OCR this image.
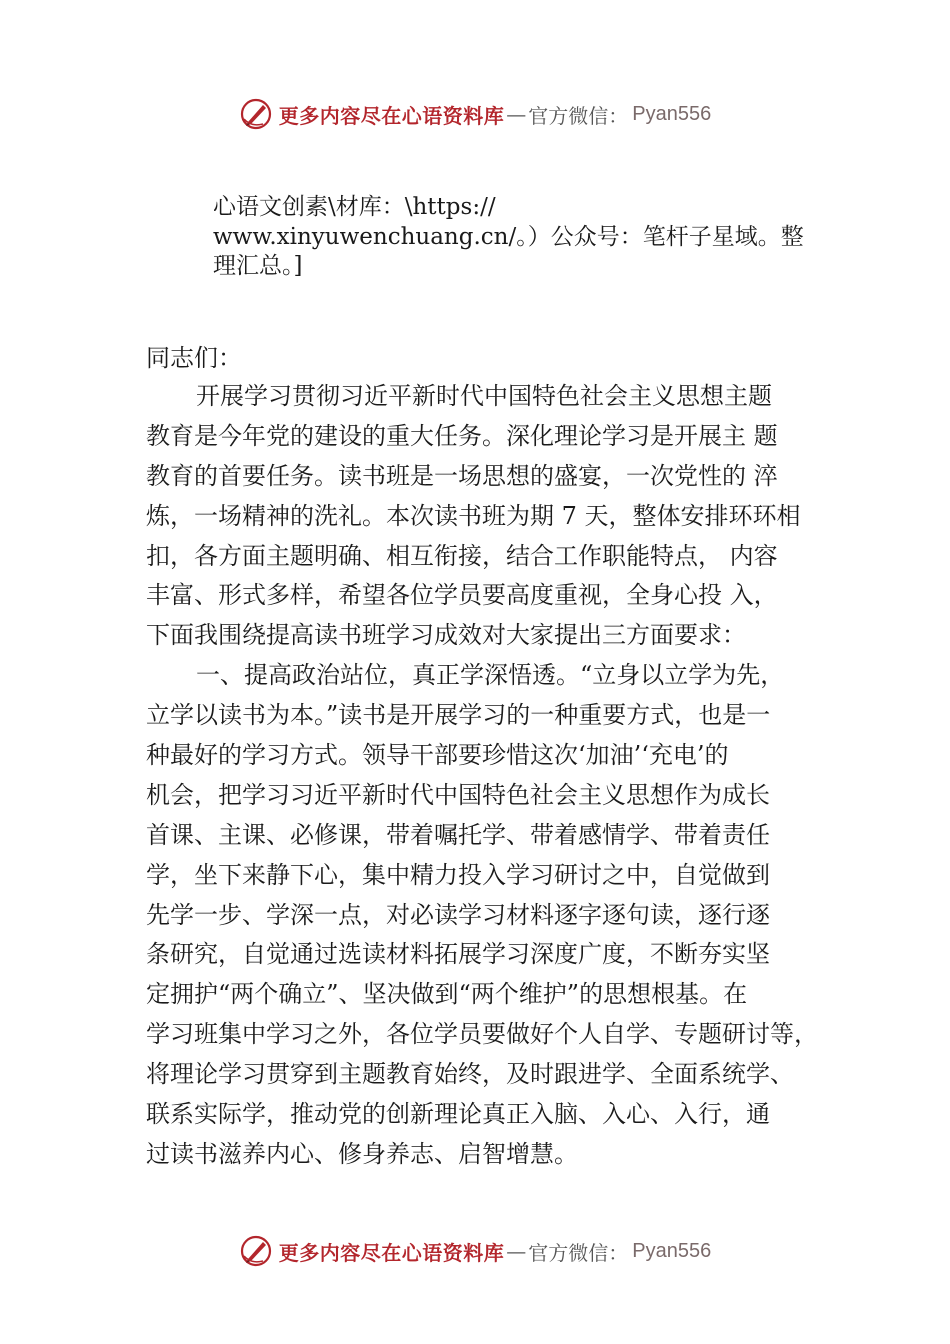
更多内容尽在心语资料库 — 官方微信： Pyan556
心语文创素\材库：\https://
www.xinyuwenchuang.cn/。）公众号：笔杆子星域。整
理汇总。]
同志们：
开展学习贯彻习近平新时代中国特色社会主义思想主题
教育是今年党的建设的重大任务。深化理论学习是开展主 题
教育的首要任务。读书班是一场思想的盛宴，一次党性的 淬
炼，一场精神的洗礼。本次读书班为期 7 天，整体安排环环相
扣，各方面主题明确、相互衔接，结合工作职能特点， 内容
丰富、形式多样，希望各位学员要高度重视，全身心投 入，
下面我围绕提高读书班学习成效对大家提出三方面要求：
一、提高政治站位，真正学深悟透。“立身以立学为先，
立学以读书为本。”读书是开展学习的一种重要方式，也是一
种最好的学习方式。领导干部要珍惜这次‘加油’‘充电’的
机会，把学习习近平新时代中国特色社会主义思想作为成长
首课、主课、必修课，带着嘱托学、带着感情学、带着责任
学，坐下来静下心，集中精力投入学习研讨之中，自觉做到
先学一步、学深一点，对必读学习材料逐字逐句读，逐行逐
条研究，自觉通过选读材料拓展学习深度广度，不断夯实坚
定拥护“两个确立”、坚决做到“两个维护”的思想根基。在
学习班集中学习之外，各位学员要做好个人自学、专题研讨等，
将理论学习贯穿到主题教育始终，及时跟进学、全面系统学、
联系实际学，推动党的创新理论真正入脑、入心、入行，通
过读书滋养内心、修身养志、启智增慧。
更多内容尽在心语资料库 — 官方微信： Pyan556
